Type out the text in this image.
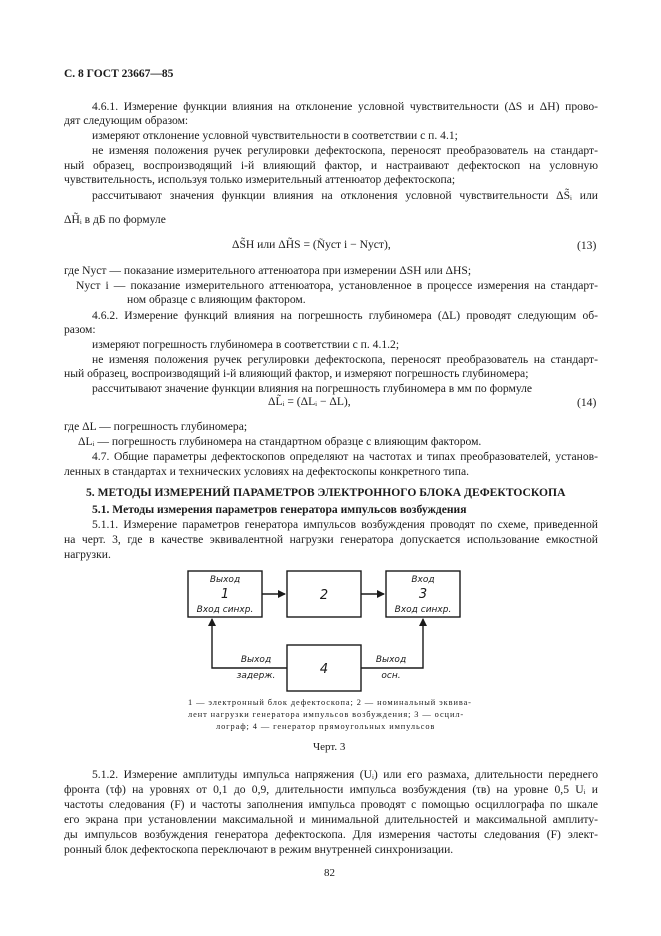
С. 8 ГОСТ 23667—85
4.6.1. Измерение функции влияния на отклонение условной чувствительности (ΔS и ΔH) прово-
дят следующим образом:
измеряют отклонение условной чувствительности в соответствии с п. 4.1;
не изменяя положения ручек регулировки дефектоскопа, переносят преобразователь на стандарт-
ный образец, воспроизводящий i-й влияющий фактор, и настраивают дефектоскоп на условную
чувствительность, используя только измерительный аттенюатор дефектоскопа;
рассчитывают значения функции влияния на отклонения условной чувствительности ΔS̃ᵢ или
ΔH̃ᵢ в дБ по формуле
ΔS̃H или ΔH̃S = (Ñуст i − Nуст),	(13)
где Nуст — показание измерительного аттенюатора при измерении ΔSH или ΔHS;
Nуст i — показание измерительного аттенюатора, установленное в процессе измерения на стандарт-
ном образце с влияющим фактором.
4.6.2. Измерение функций влияния на погрешность глубиномера (ΔL) проводят следующим об-
разом:
измеряют погрешность глубиномера в соответствии с п. 4.1.2;
не изменяя положения ручек регулировки дефектоскопа, переносят преобразователь на стандарт-
ный образец, воспроизводящий i-й влияющий фактор, и измеряют погрешность глубиномера;
рассчитывают значение функции влияния на погрешность глубиномера в мм по формуле
ΔL̃ᵢ = (ΔLᵢ − ΔL),	(14)
где ΔL — погрешность глубиномера;
ΔLᵢ — погрешность глубиномера на стандартном образце с влияющим фактором.
4.7. Общие параметры дефектоскопов определяют на частотах и типах преобразователей, установ-
ленных в стандартах и технических условиях на дефектоскопы конкретного типа.
5. МЕТОДЫ ИЗМЕРЕНИЙ ПАРАМЕТРОВ ЭЛЕКТРОННОГО БЛОКА ДЕФЕКТОСКОПА
5.1. Методы измерения параметров генератора импульсов возбуждения
5.1.1. Измерение параметров генератора импульсов возбуждения проводят по схеме, приведенной
на черт. 3, где в качестве эквивалентной нагрузки генератора допускается использование емкостной
нагрузки.
Выход
1
Вход синхр.
2
Вход
3
Вход синхр.
4
Выход
задерж.
Выход
осн.
1 — электронный блок дефектоскопа; 2 — номинальный эквива-
лент нагрузки генератора импульсов возбуждения; 3 — осцил-
лограф; 4 — генератор прямоугольных импульсов
Черт. 3
5.1.2. Измерение амплитуды импульса напряжения (Uᵢ) или его размаха, длительности переднего
фронта (τф) на уровнях от 0,1 до 0,9, длительности импульса возбуждения (τв) на уровне 0,5 Uᵢ и
частоты следования (F) и частоты заполнения импульса проводят с помощью осциллографа по шкале
его экрана при установлении максимальной и минимальной длительностей и максимальной амплиту-
ды импульсов возбуждения генератора дефектоскопа. Для измерения частоты следования (F) элект-
ронный блок дефектоскопа переключают в режим внутренней синхронизации.
82
